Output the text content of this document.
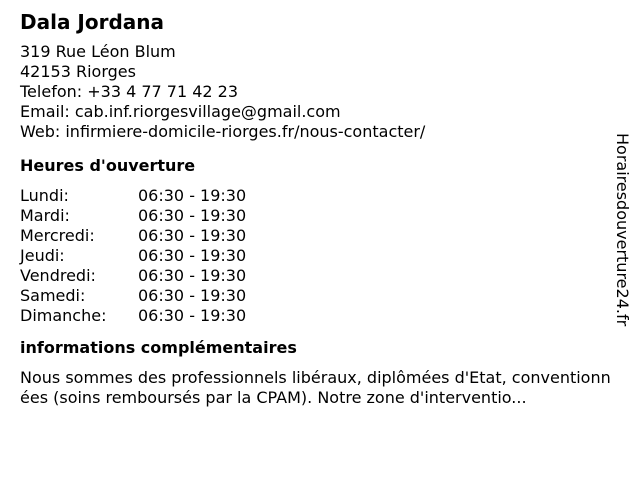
Dala Jordana
319 Rue Léon Blum
42153 Riorges
Telefon: +33 4 77 71 42 23
Email: cab.inf.riorgesvillage@gmail.com
Web: infirmiere-domicile-riorges.fr/nous-contacter/
Heures d'ouverture
Lundi:	06:30 - 19:30
Mardi:	06:30 - 19:30
Mercredi:	06:30 - 19:30
Jeudi:	06:30 - 19:30
Vendredi:	06:30 - 19:30
Samedi:	06:30 - 19:30
Dimanche:	06:30 - 19:30
informations complémentaires
Nous sommes des professionnels libéraux, diplômées d'Etat, conventionnées (soins remboursés par la CPAM). Notre zone d'interventio...
Horairesdouverture24.fr
